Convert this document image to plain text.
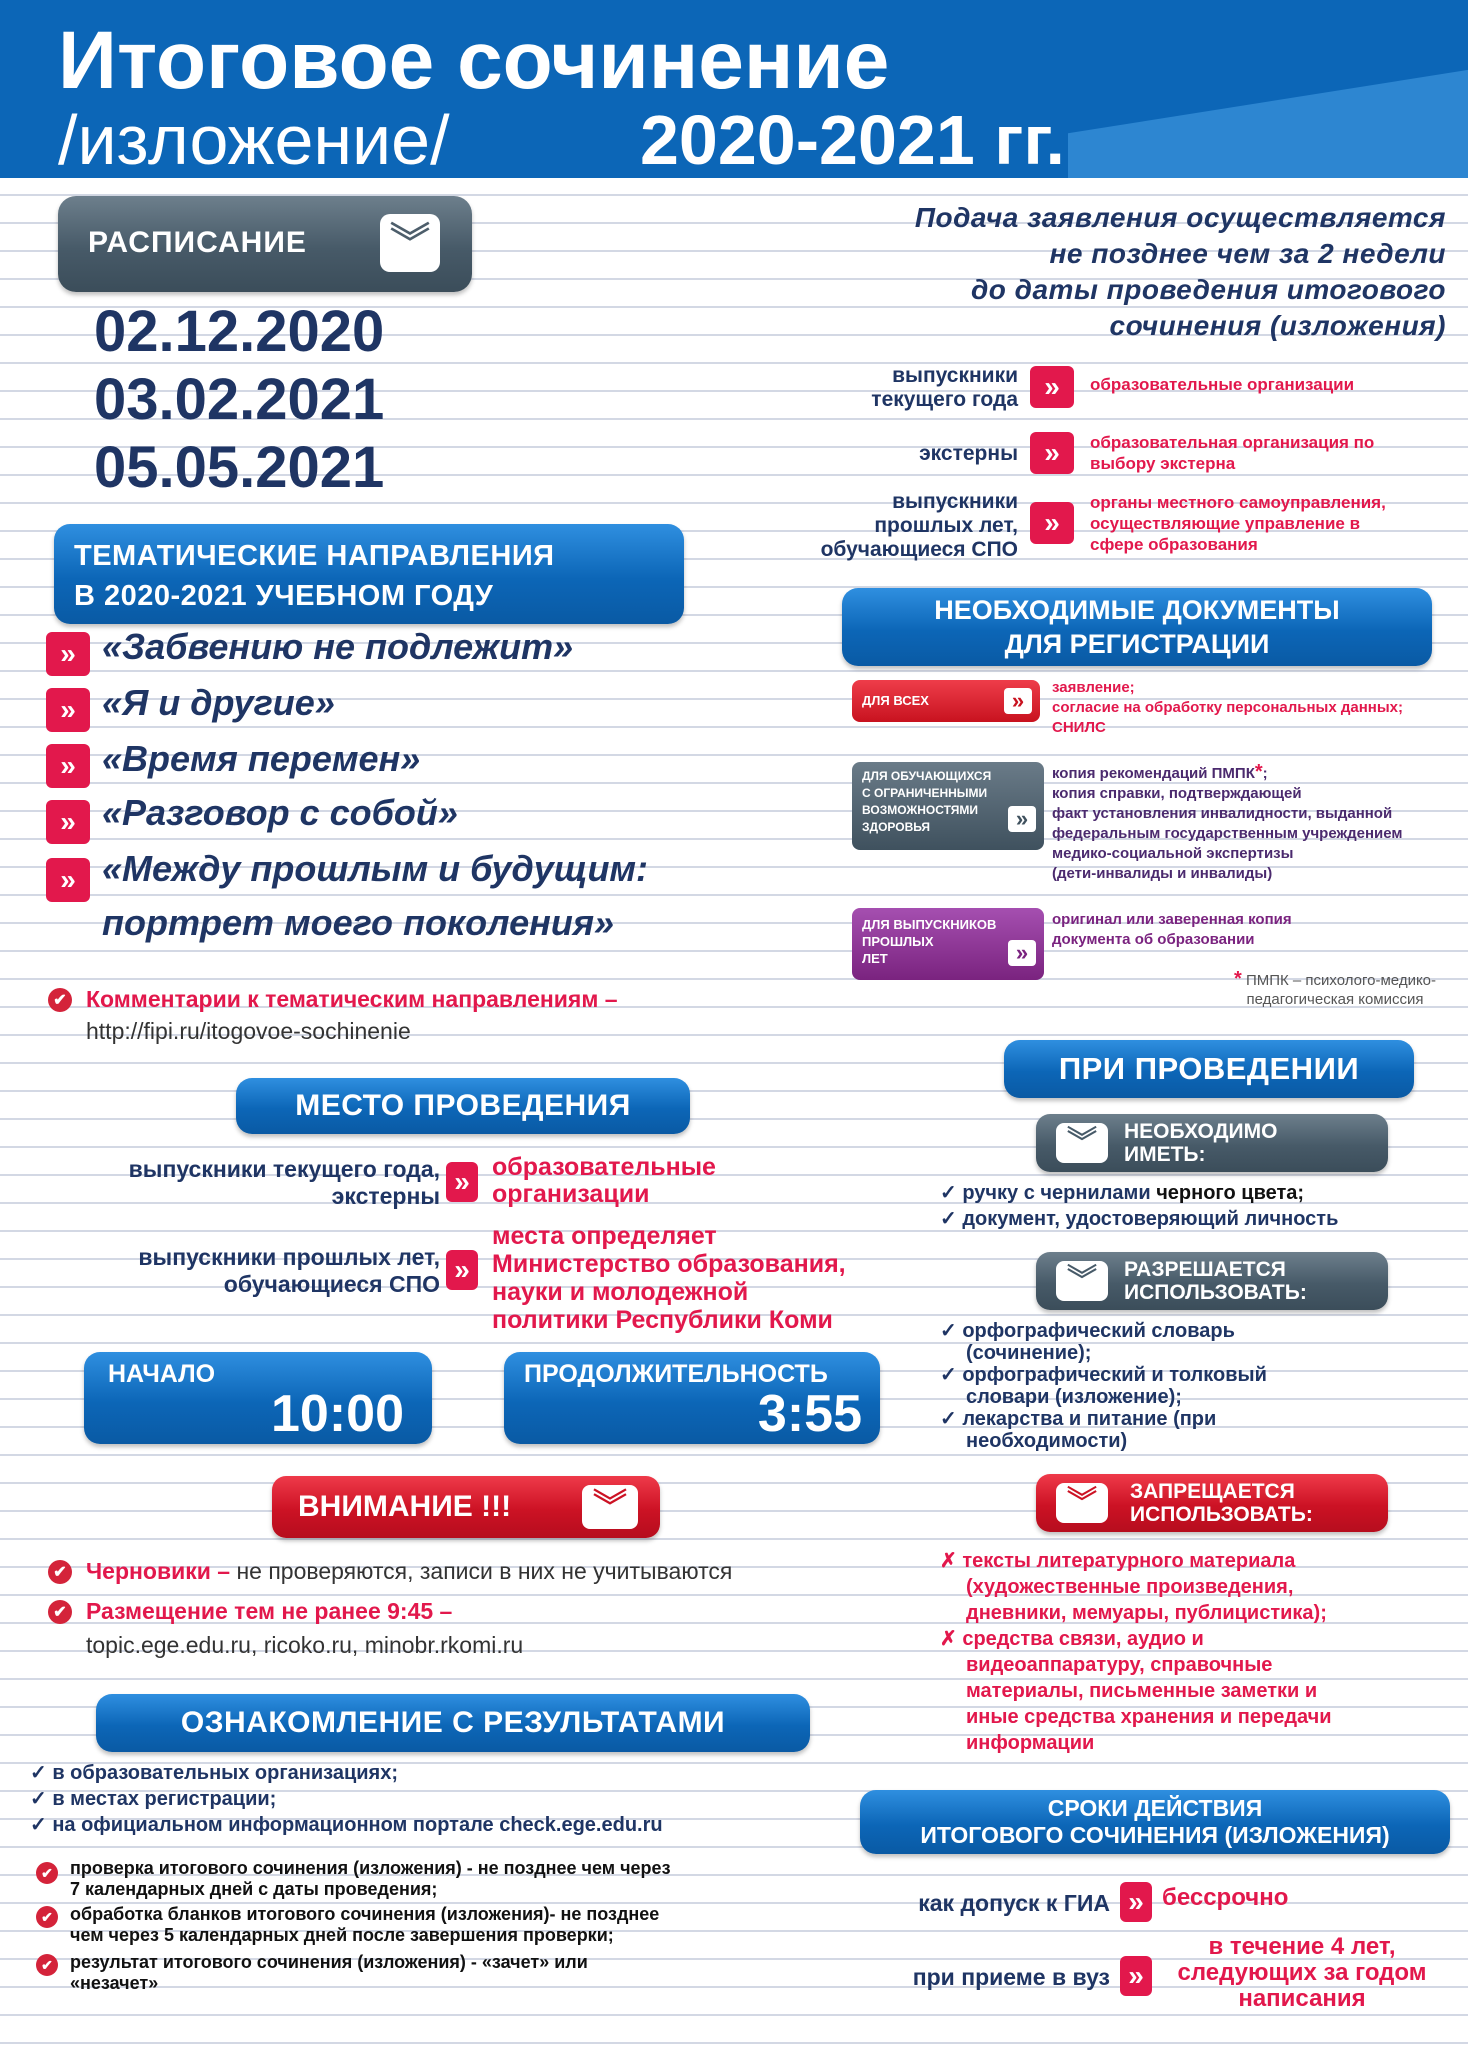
Итоговое сочинение
/изложение/	2020-2021 гг.
РАСПИСАНИЕ ︾
02.12.2020
03.02.2021
05.05.2021
Подача заявления осуществляется
не позднее чем за 2 недели
до даты проведения итогового
сочинения (изложения)
выпускники
текущего года »	образовательные организации
экстерны »	образовательная организация по
выбору экстерна
выпускники
прошлых лет,
обучающиеся СПО
»
органы местного самоуправления,
осуществляющие управление в
сфере образования
ТЕМАТИЧЕСКИЕ НАПРАВЛЕНИЯ
В 2020-2021 УЧЕБНОМ ГОДУ
» «Забвению не подлежит»
» «Я и другие»
» «Время перемен»
» «Разговор с собой»
» «Между прошлым и будущим:
портрет моего поколения»
✔ Комментарии к тематическим направлениям –
http://fipi.ru/itogovoe-sochinenie
НЕОБХОДИМЫЕ ДОКУМЕНТЫ
ДЛЯ РЕГИСТРАЦИИ
ДЛЯ ВСЕХ	»
заявление;
согласие на обработку персональных данных;
СНИЛС
ДЛЯ ОБУЧАЮЩИХСЯ
С ОГРАНИЧЕННЫМИ
ВОЗМОЖНОСТЯМИ
ЗДОРОВЬЯ	»
копия рекомендаций ПМПК*;
копия справки, подтверждающей
факт установления инвалидности, выданной
федеральным государственным учреждением
медико-социальной экспертизы
(дети-инвалиды и инвалиды)
ДЛЯ ВЫПУСКНИКОВ
ПРОШЛЫХ
ЛЕТ	»
оригинал или заверенная копия
документа об образовании
* ПМПК – психолого-медико-
педагогическая комиссия
МЕСТО ПРОВЕДЕНИЯ
выпускники текущего года,
экстерны » образовательные
организации
выпускники прошлых лет,
обучающиеся СПО »
места определяет
Министерство образования,
науки и молодежной
политики Республики Коми
НАЧАЛО
10:00
ПРОДОЛЖИТЕЛЬНОСТЬ
3:55
ВНИМАНИЕ !!!	︾
✔ Черновики – не проверяются, записи в них не учитываются
✔ Размещение тем не ранее 9:45 –
topic.ege.edu.ru, ricoko.ru, minobr.rkomi.ru
ОЗНАКОМЛЕНИЕ С РЕЗУЛЬТАТАМИ
✓ в образовательных организациях;
✓ в местах регистрации;
✓ на официальном информационном портале check.ege.edu.ru
✔ проверка итогового сочинения (изложения) - не позднее чем через
7 календарных дней с даты проведения;
✔ обработка бланков итогового сочинения (изложения)- не позднее
чем через 5 календарных дней после завершения проверки;
✔ результат итогового сочинения (изложения) - «зачет» или
«незачет»
ПРИ ПРОВЕДЕНИИ
︾	НЕОБХОДИМО
ИМЕТЬ:
✓ ручку с чернилами черного цвета;
✓ документ, удостоверяющий личность
︾	РАЗРЕШАЕТСЯ
ИСПОЛЬЗОВАТЬ:
✓ орфографический словарь
(сочинение);
✓ орфографический и толковый
словари (изложение);
✓ лекарства и питание (при
необходимости)
︾	ЗАПРЕЩАЕТСЯ
ИСПОЛЬЗОВАТЬ:
✗ тексты литературного материала
(художественные произведения,
дневники, мемуары, публицистика);
✗ средства связи, аудио и
видеоаппаратуру, справочные
материалы, письменные заметки и
иные средства хранения и передачи
информации
СРОКИ ДЕЙСТВИЯ
ИТОГОВОГО СОЧИНЕНИЯ (ИЗЛОЖЕНИЯ)
как допуск к ГИА » бессрочно
при приеме в вуз »
в течение 4 лет,
следующих за годом
написания
